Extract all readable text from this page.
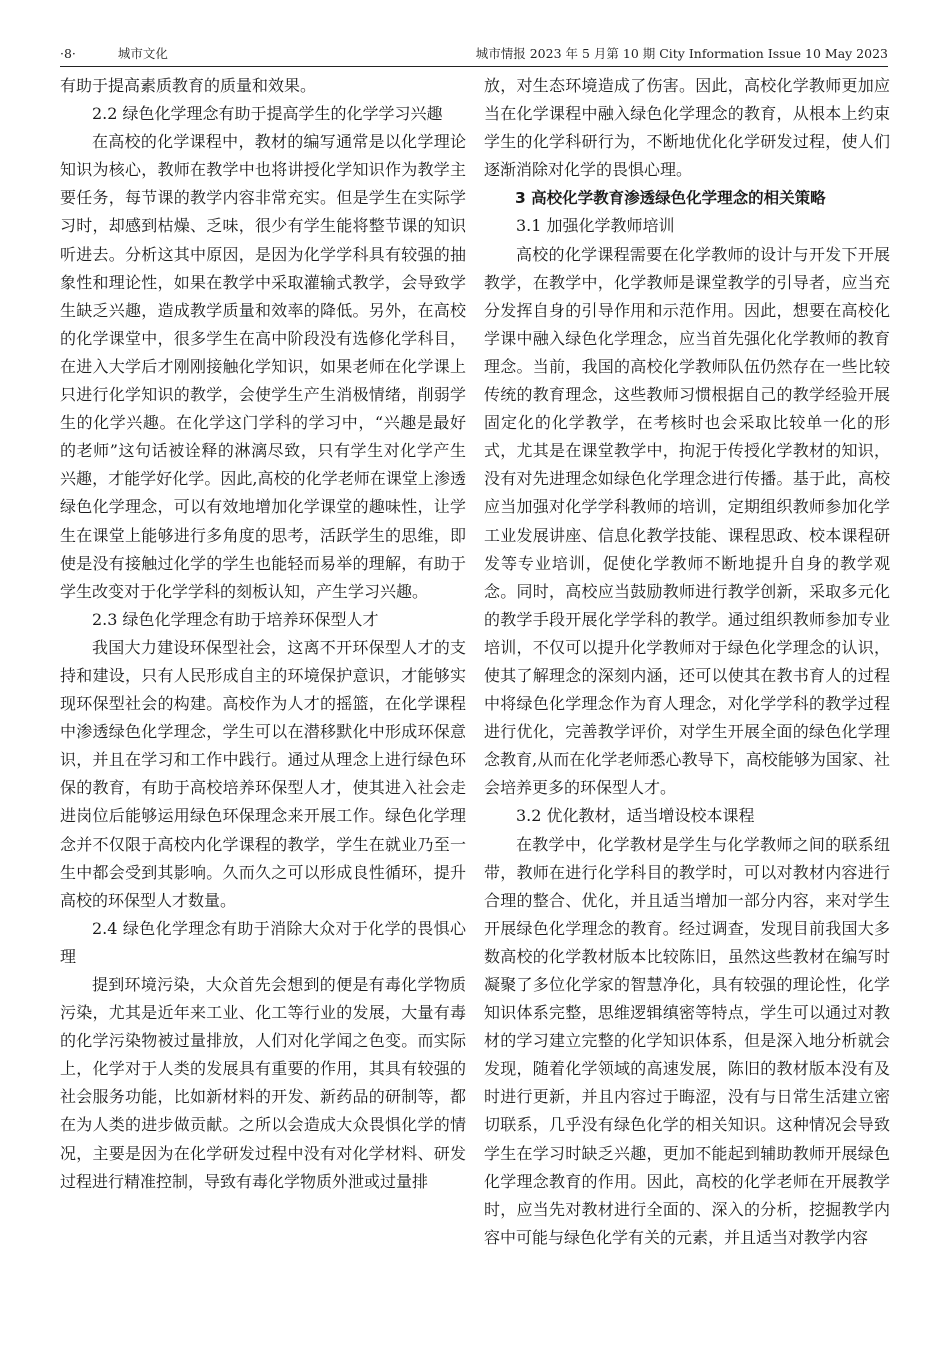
·8·	城市文化	城市情报 2023 年 5 月第 10 期 City Information Issue 10 May 2023

有助于提高素质教育的质量和效果。

2.2 绿色化学理念有助于提高学生的化学学习兴趣

在高校的化学课程中，教材的编写通常是以化学理论知识为核心，教师在教学中也将讲授化学知识作为教学主要任务，每节课的教学内容非常充实。但是学生在实际学习时，却感到枯燥、乏味，很少有学生能将整节课的知识听进去。分析这其中原因，是因为化学学科具有较强的抽象性和理论性，如果在教学中采取灌输式教学，会导致学生缺乏兴趣，造成教学质量和效率的降低。另外，在高校的化学课堂中，很多学生在高中阶段没有选修化学科目，在进入大学后才刚刚接触化学知识，如果老师在化学课上只进行化学知识的教学，会使学生产生消极情绪，削弱学生的化学兴趣。在化学这门学科的学习中，“兴趣是最好的老师”这句话被诠释的淋漓尽致，只有学生对化学产生兴趣，才能学好化学。因此,高校的化学老师在课堂上渗透绿色化学理念，可以有效地增加化学课堂的趣味性，让学生在课堂上能够进行多角度的思考，活跃学生的思维，即使是没有接触过化学的学生也能轻而易举的理解，有助于学生改变对于化学学科的刻板认知，产生学习兴趣。

2.3 绿色化学理念有助于培养环保型人才

我国大力建设环保型社会，这离不开环保型人才的支持和建设，只有人民形成自主的环境保护意识，才能够实现环保型社会的构建。高校作为人才的摇篮，在化学课程中渗透绿色化学理念，学生可以在潜移默化中形成环保意识，并且在学习和工作中践行。通过从理念上进行绿色环保的教育，有助于高校培养环保型人才，使其进入社会走进岗位后能够运用绿色环保理念来开展工作。绿色化学理念并不仅限于高校内化学课程的教学，学生在就业乃至一生中都会受到其影响。久而久之可以形成良性循环，提升高校的环保型人才数量。

2.4 绿色化学理念有助于消除大众对于化学的畏惧心理

提到环境污染，大众首先会想到的便是有毒化学物质污染，尤其是近年来工业、化工等行业的发展，大量有毒的化学污染物被过量排放，人们对化学闻之色变。而实际上，化学对于人类的发展具有重要的作用，其具有较强的社会服务功能，比如新材料的开发、新药品的研制等，都在为人类的进步做贡献。之所以会造成大众畏惧化学的情况，主要是因为在化学研发过程中没有对化学材料、研发过程进行精准控制，导致有毒化学物质外泄或过量排

放，对生态环境造成了伤害。因此，高校化学教师更加应当在化学课程中融入绿色化学理念的教育，从根本上约束学生的化学科研行为，不断地优化化学研发过程，使人们逐渐消除对化学的畏惧心理。

3 高校化学教育渗透绿色化学理念的相关策略

3.1 加强化学教师培训

高校的化学课程需要在化学教师的设计与开发下开展教学，在教学中，化学教师是课堂教学的引导者，应当充分发挥自身的引导作用和示范作用。因此，想要在高校化学课中融入绿色化学理念，应当首先强化化学教师的教育理念。当前，我国的高校化学教师队伍仍然存在一些比较传统的教育理念，这些教师习惯根据自己的教学经验开展固定化的化学教学，在考核时也会采取比较单一化的形式，尤其是在课堂教学中，拘泥于传授化学教材的知识，没有对先进理念如绿色化学理念进行传播。基于此，高校应当加强对化学学科教师的培训，定期组织教师参加化学工业发展讲座、信息化教学技能、课程思政、校本课程研发等专业培训，促使化学教师不断地提升自身的教学观念。同时，高校应当鼓励教师进行教学创新，采取多元化的教学手段开展化学学科的教学。通过组织教师参加专业培训，不仅可以提升化学教师对于绿色化学理念的认识，使其了解理念的深刻内涵，还可以使其在教书育人的过程中将绿色化学理念作为育人理念，对化学学科的教学过程进行优化，完善教学评价，对学生开展全面的绿色化学理念教育,从而在化学老师悉心教导下，高校能够为国家、社会培养更多的环保型人才。

3.2 优化教材，适当增设校本课程

在教学中，化学教材是学生与化学教师之间的联系纽带，教师在进行化学科目的教学时，可以对教材内容进行合理的整合、优化，并且适当增加一部分内容，来对学生开展绿色化学理念的教育。经过调查，发现目前我国大多数高校的化学教材版本比较陈旧，虽然这些教材在编写时凝聚了多位化学家的智慧净化，具有较强的理论性，化学知识体系完整，思维逻辑缜密等特点，学生可以通过对教材的学习建立完整的化学知识体系，但是深入地分析就会发现，随着化学领域的高速发展，陈旧的教材版本没有及时进行更新，并且内容过于晦涩，没有与日常生活建立密切联系，几乎没有绿色化学的相关知识。这种情况会导致学生在学习时缺乏兴趣，更加不能起到辅助教师开展绿色化学理念教育的作用。因此，高校的化学老师在开展教学时，应当先对教材进行全面的、深入的分析，挖掘教学内容中可能与绿色化学有关的元素，并且适当对教学内容
